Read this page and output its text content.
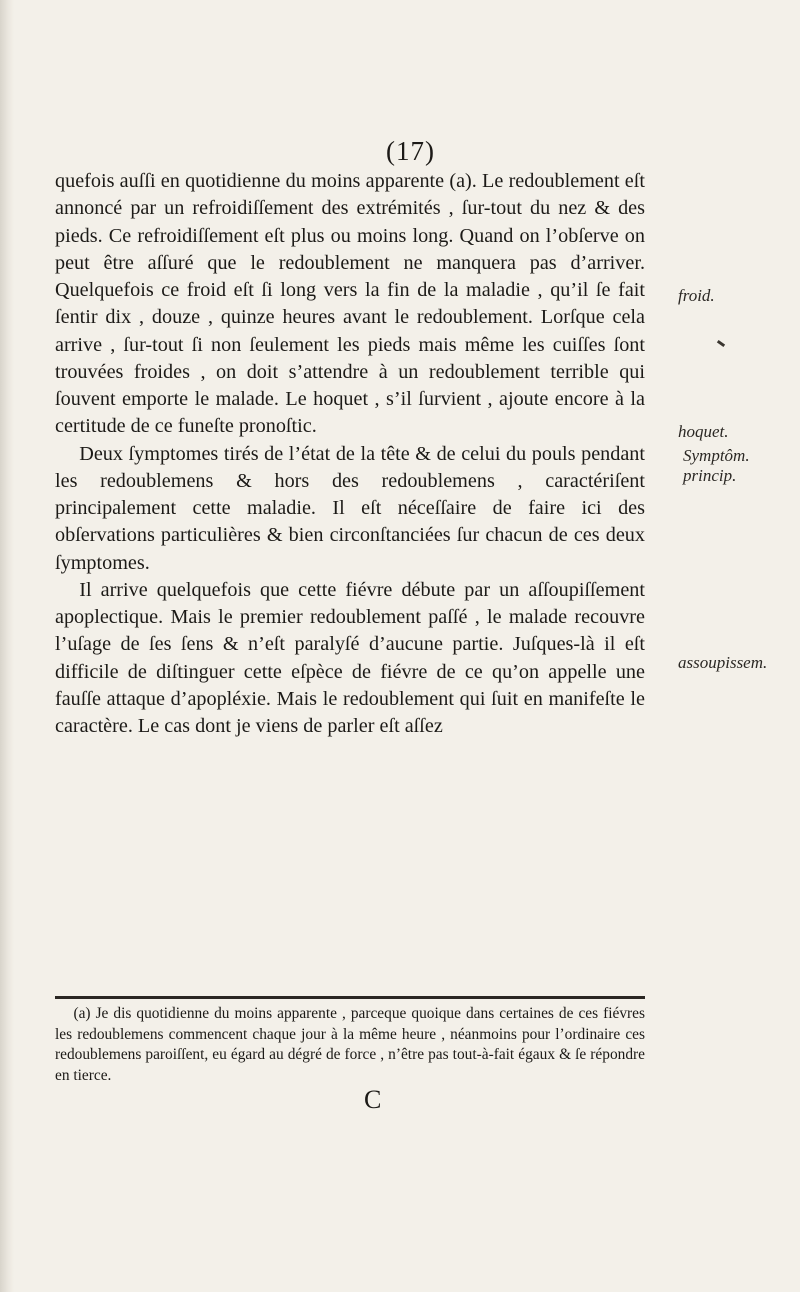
(17)

quefois auſſi en quotidienne du moins apparente (a). Le redoublement eſt annoncé par un refroidiſſement des extrémités , ſur-tout du nez & des pieds. Ce refroidiſſement eſt plus ou moins long. Quand on l’obſerve on peut être aſſuré que le redoublement ne manquera pas d’arriver. Quelquefois ce froid eſt ſi long vers la fin de la maladie , qu’il ſe fait ſentir dix , douze , quinze heures avant le redoublement. Lorſque cela arrive , ſur-tout ſi non ſeulement les pieds mais même les cuiſſes ſont trouvées froides , on doit s’attendre à un redoublement terrible qui ſouvent emporte le malade. Le hoquet , s’il ſurvient , ajoute encore à la certitude de ce funeſte pronoſtic.

Deux ſymptomes tirés de l’état de la tête & de celui du pouls pendant les redoublemens & hors des redoublemens , caractériſent principalement cette maladie. Il eſt néceſſaire de faire ici des obſervations particulières & bien circonſtanciées ſur chacun de ces deux ſymptomes.

Il arrive quelquefois que cette fiévre débute par un aſſoupiſſement apoplectique. Mais le premier redoublement paſſé , le malade recouvre l’uſage de ſes ſens & n’eſt paralyſé d’aucune partie. Juſques-là il eſt difficile de diſtinguer cette eſpèce de fiévre de ce qu’on appelle une fauſſe attaque d’apopléxie. Mais le redoublement qui ſuit en manifeſte le caractère. Le cas dont je viens de parler eſt aſſez

(a) Je dis quotidienne du moins apparente , parceque quoique dans certaines de ces fiévres les redoublemens commencent chaque jour à la même heure , néanmoins pour l’ordinaire ces redoublemens paroiſſent, eu égard au dégré de force , n’être pas tout-à-fait égaux & ſe répondre en tierce.
C
froid.
hoquet.
Symptôm. princip.
assoupissem.
